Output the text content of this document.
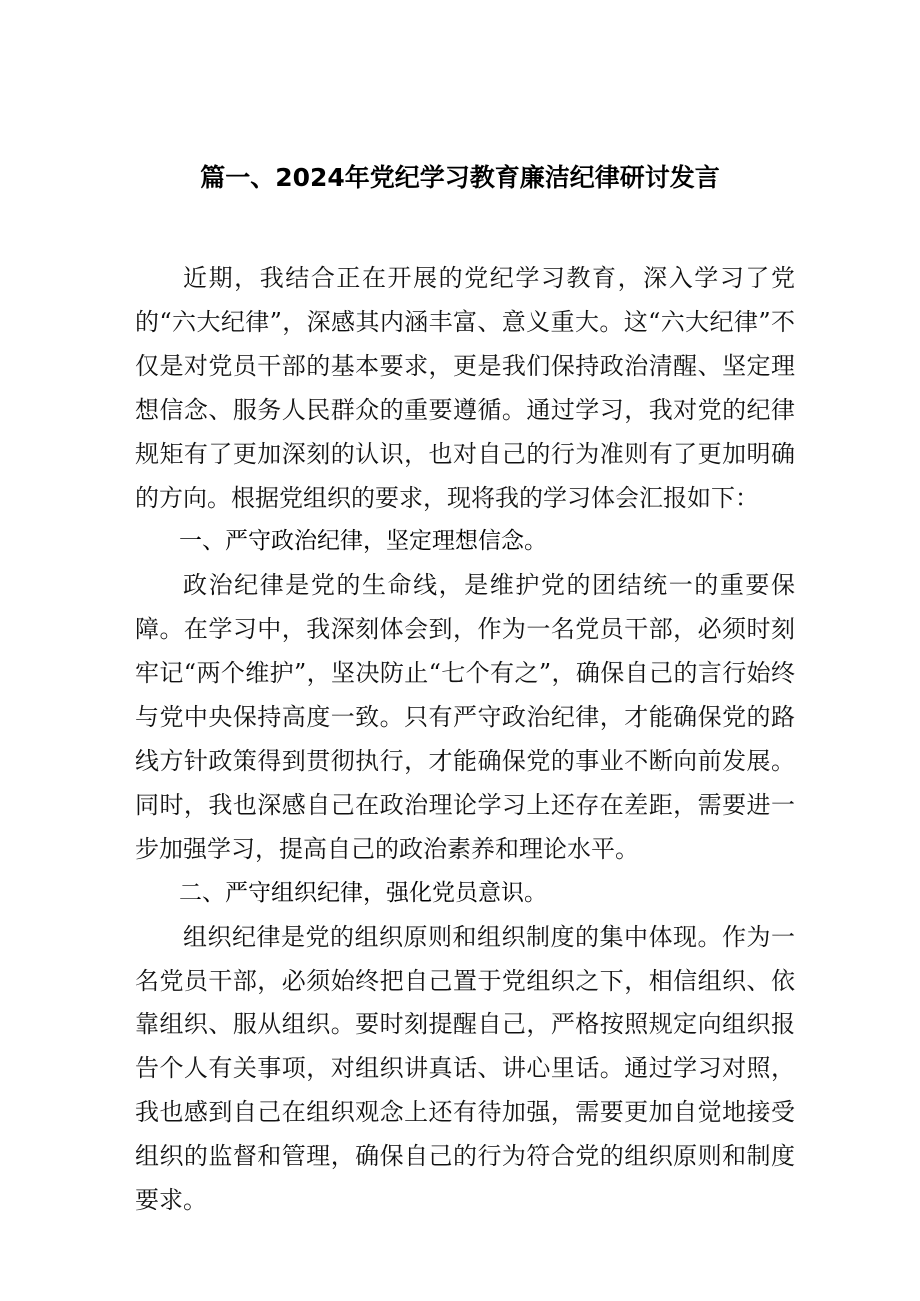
篇一、2024年党纪学习教育廉洁纪律研讨发言

近期，我结合正在开展的党纪学习教育，深入学习了党的“六大纪律”，深感其内涵丰富、意义重大。这“六大纪律”不仅是对党员干部的基本要求，更是我们保持政治清醒、坚定理想信念、服务人民群众的重要遵循。通过学习，我对党的纪律规矩有了更加深刻的认识，也对自己的行为准则有了更加明确的方向。根据党组织的要求，现将我的学习体会汇报如下：

一、严守政治纪律，坚定理想信念。

政治纪律是党的生命线，是维护党的团结统一的重要保障。在学习中，我深刻体会到，作为一名党员干部，必须时刻牢记“两个维护”，坚决防止“七个有之”，确保自己的言行始终与党中央保持高度一致。只有严守政治纪律，才能确保党的路线方针政策得到贯彻执行，才能确保党的事业不断向前发展。同时，我也深感自己在政治理论学习上还存在差距，需要进一步加强学习，提高自己的政治素养和理论水平。

二、严守组织纪律，强化党员意识。

组织纪律是党的组织原则和组织制度的集中体现。作为一名党员干部，必须始终把自己置于党组织之下，相信组织、依靠组织、服从组织。要时刻提醒自己，严格按照规定向组织报告个人有关事项，对组织讲真话、讲心里话。通过学习对照，我也感到自己在组织观念上还有待加强，需要更加自觉地接受组织的监督和管理，确保自己的行为符合党的组织原则和制度要求。
